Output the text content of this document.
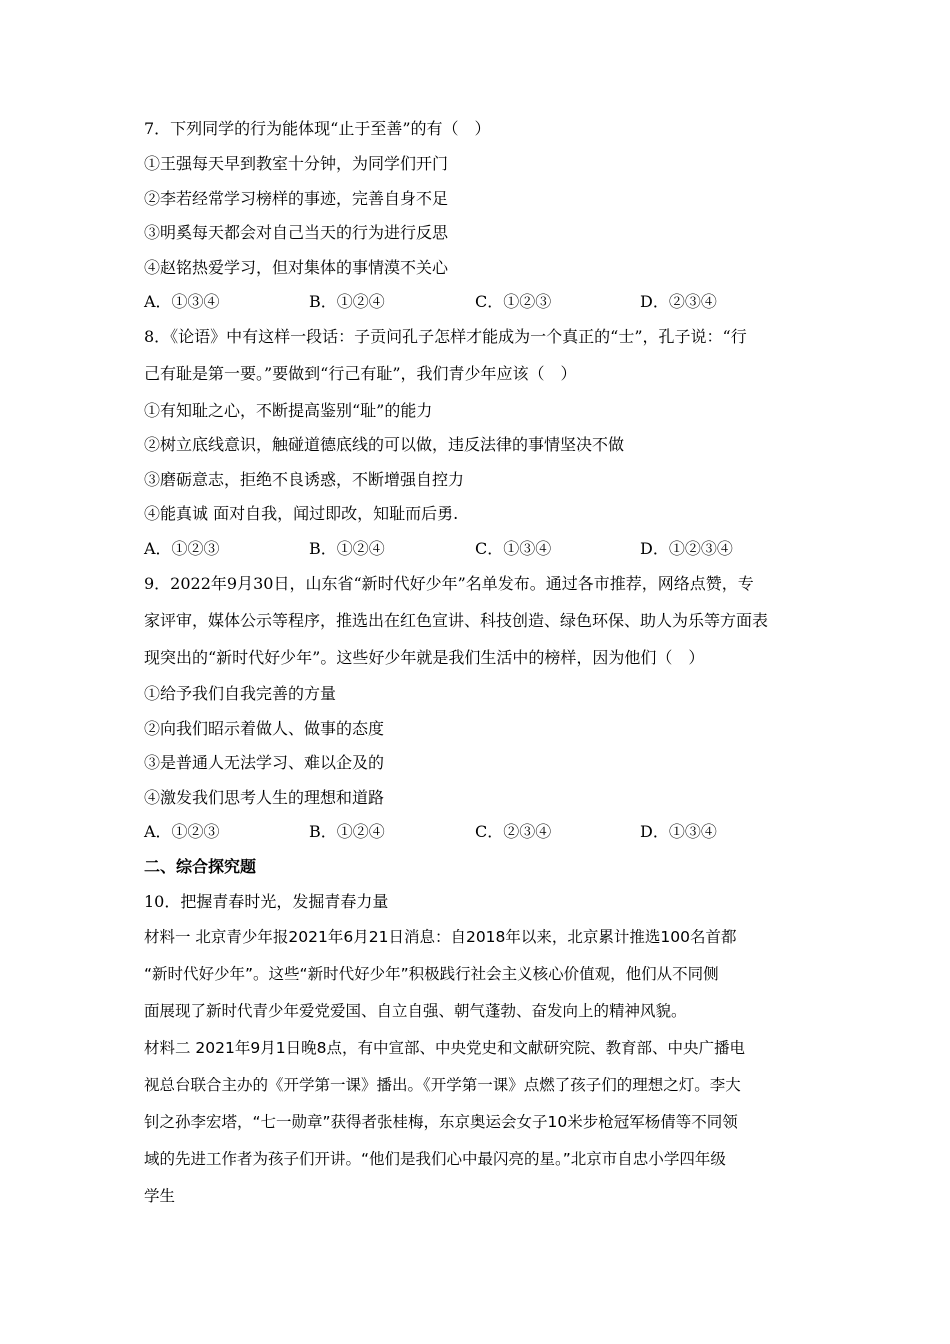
7．下列同学的行为能体现“止于至善”的有（　）
①王强每天早到教室十分钟，为同学们开门
②李若经常学习榜样的事迹，完善自身不足
③明奚每天都会对自己当天的行为进行反思
④赵铭热爱学习，但对集体的事情漠不关心
A．①③④	B．①②④	C．①②③	D．②③④
8．《论语》中有这样一段话：子贡问孔子怎样才能成为一个真正的“士”，孔子说：“行
己有耻是第一要。”要做到“行己有耻”，我们青少年应该（　）
①有知耻之心，不断提高鉴别“耻”的能力
②树立底线意识，触碰道德底线的可以做，违反法律的事情坚决不做
③磨砺意志，拒绝不良诱惑，不断增强自控力
④能真诚 面对自我，闻过即改，知耻而后勇.
A．①②③	B．①②④	C．①③④	D．①②③④
9．2022年9月30日，山东省“新时代好少年”名单发布。通过各市推荐，网络点赞，专
家评审，媒体公示等程序，推选出在红色宣讲、科技创造、绿色环保、助人为乐等方面表
现突出的“新时代好少年”。这些好少年就是我们生活中的榜样，因为他们（　）
①给予我们自我完善的方量
②向我们昭示着做人、做事的态度
③是普通人无法学习、难以企及的
④激发我们思考人生的理想和道路
A．①②③	B．①②④	C．②③④	D．①③④
二、综合探究题
10．把握青春时光，发掘青春力量
材料一 北京青少年报2021年6月21日消息：自2018年以来，北京累计推选100名首都
“新时代好少年”。这些“新时代好少年”积极践行社会主义核心价值观，他们从不同侧
面展现了新时代青少年爱党爱国、自立自强、朝气蓬勃、奋发向上的精神风貌。
材料二 2021年9月1日晚8点，有中宣部、中央党史和文献研究院、教育部、中央广播电
视总台联合主办的《开学第一课》播出。《开学第一课》点燃了孩子们的理想之灯。李大
钊之孙李宏塔，“七一勋章”获得者张桂梅，东京奥运会女子10米步枪冠军杨倩等不同领
域的先进工作者为孩子们开讲。“他们是我们心中最闪亮的星。”北京市自忠小学四年级
学生
